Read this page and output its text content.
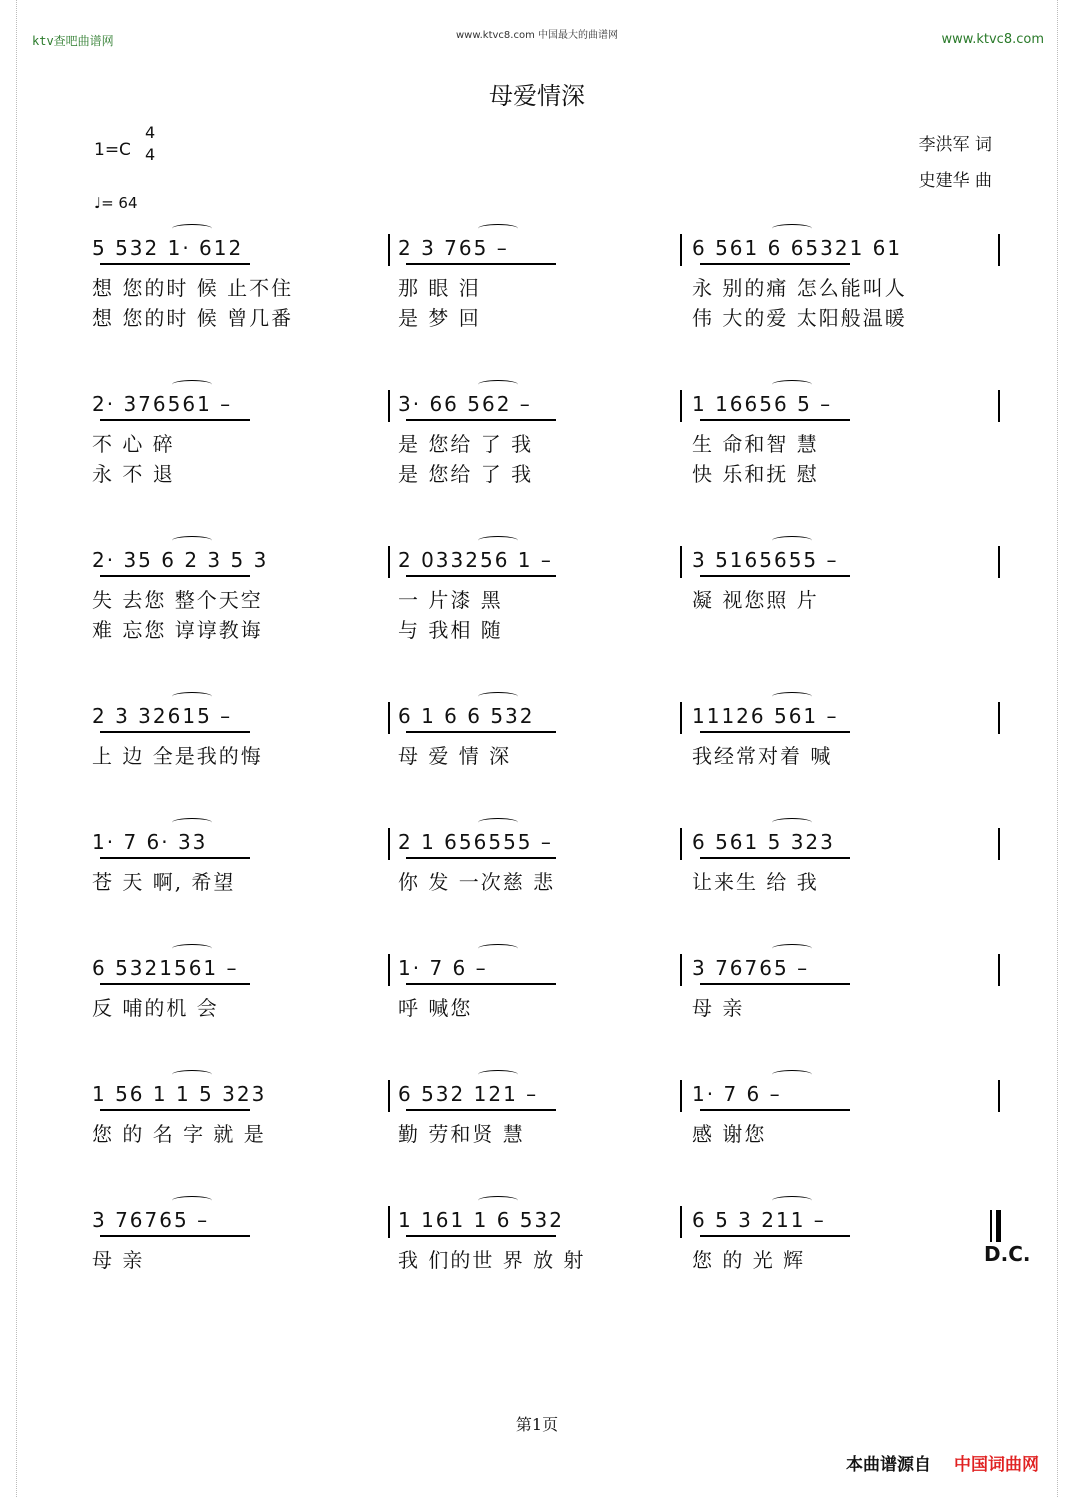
ktv查吧曲谱网	www.ktvc8.com 中国最大的曲谱网	www.ktvc8.com
母爱情深
1=C
4
4
♩= 64
李洪军 词
史建华 曲
5 532 1· 612
想 您的时 候 止不住
想 您的时 候 曾几番
2 3 765 –
那 眼 泪
是 梦 回
6 561 6 65321 61
永 别的痛 怎么能叫人
伟 大的爱 太阳般温暖
2· 376561 –
不 心 碎
永 不 退
3· 66 562 –
是 您给 了 我
是 您给 了 我
1 16656 5 –
生 命和智 慧
快 乐和抚 慰
2· 35 6 2 3 5 3
失 去您 整个天空
难 忘您 谆谆教诲
2 033256 1 –
一 片漆 黑
与 我相 随
3 5165655 –
凝 视您照 片
2 3 32615 –
上 边 全是我的悔
6 1 6 6 532
母 爱 情 深
11126 561 –
我经常对着 喊
1· 7 6· 33
苍 天 啊, 希望
2 1 656555 –
你 发 一次慈 悲
6 561 5 323
让来生 给 我
6 5321561 –
反 哺的机 会
1· 7 6 –
呼 喊您
3 76765 –
母 亲
1 56 1 1 5 323
您 的 名 字 就 是
6 532 121 –
勤 劳和贤 慧
1· 7 6 –
感 谢您
3 76765 –
母 亲
1 161 1 6 532
我 们的世 界 放 射
6 5 3 211 –
您 的 光 辉	D.C.
第1页
本曲谱源自 中国词曲网
